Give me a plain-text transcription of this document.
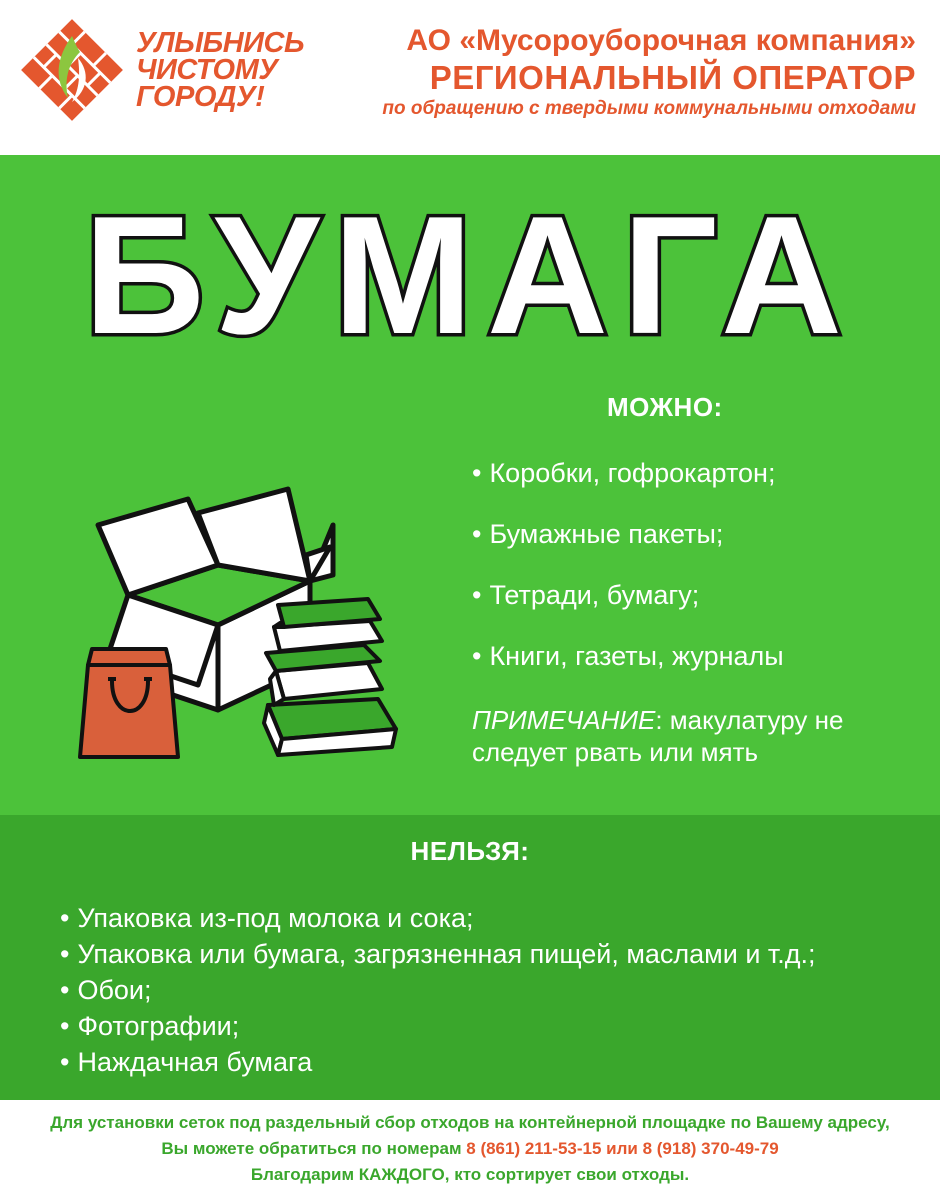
УЛЫБНИСЬ
ЧИСТОМУ
ГОРОДУ!
АО «Мусороуборочная компания»
РЕГИОНАЛЬНЫЙ ОПЕРАТОР
по обращению с твердыми коммунальными отходами
БУМАГА
МОЖНО:
• Коробки, гофрокартон;
• Бумажные пакеты;
• Тетради, бумагу;
• Книги, газеты, журналы
ПРИМЕЧАНИЕ: макулатуру не следует рвать или мять
НЕЛЬЗЯ:
• Упаковка из-под молока и сока;
• Упаковка или бумага, загрязненная пищей, маслами и т.д.;
• Обои;
• Фотографии;
• Наждачная бумага
Для установки сеток под раздельный сбор отходов на контейнерной площадке по Вашему адресу,
Вы можете обратиться по номерам 8 (861) 211-53-15 или 8 (918) 370-49-79
Благодарим КАЖДОГО, кто сортирует свои отходы.
